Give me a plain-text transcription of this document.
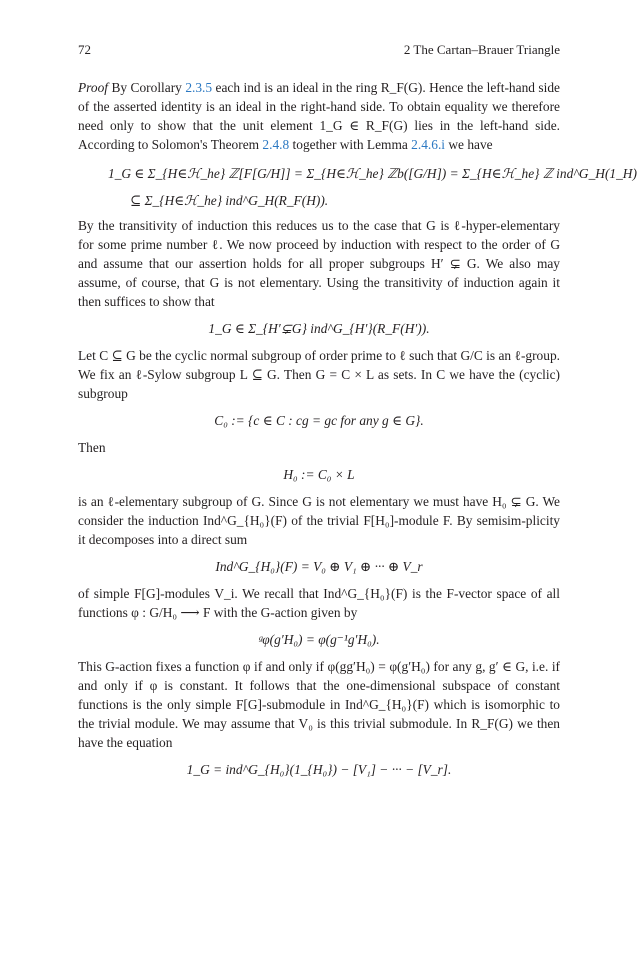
72	2 The Cartan–Brauer Triangle

Proof By Corollary 2.3.5 each ind is an ideal in the ring R_F(G). Hence the left-hand side of the asserted identity is an ideal in the right-hand side. To obtain equality we therefore need only to show that the unit element 1_G ∈ R_F(G) lies in the left-hand side. According to Solomon's Theorem 2.4.8 together with Lemma 2.4.6.i we have

1_G ∈ Σ_{H∈ℋ_he} ℤ[F[G/H]] = Σ_{H∈ℋ_he} ℤb([G/H]) = Σ_{H∈ℋ_he} ℤ ind^G_H(1_H)
⊆ Σ_{H∈ℋ_he} ind^G_H(R_F(H)).

By the transitivity of induction this reduces us to the case that G is ℓ-hyper-elementary for some prime number ℓ. We now proceed by induction with respect to the order of G and assume that our assertion holds for all proper subgroups H′ ⊊ G. We also may assume, of course, that G is not elementary. Using the transitivity of induction again it then suffices to show that

1_G ∈ Σ_{H′⊊G} ind^G_{H′}(R_F(H′)).

Let C ⊆ G be the cyclic normal subgroup of order prime to ℓ such that G/C is an ℓ-group. We fix an ℓ-Sylow subgroup L ⊆ G. Then G = C × L as sets. In C we have the (cyclic) subgroup

C₀ := {c ∈ C : cg = gc for any g ∈ G}.

Then

H₀ := C₀ × L

is an ℓ-elementary subgroup of G. Since G is not elementary we must have H₀ ⊊ G. We consider the induction Ind^G_{H₀}(F) of the trivial F[H₀]-module F. By semisim-plicity it decomposes into a direct sum

Ind^G_{H₀}(F) = V₀ ⊕ V₁ ⊕ ··· ⊕ V_r

of simple F[G]-modules V_i. We recall that Ind^G_{H₀}(F) is the F-vector space of all functions φ : G/H₀ ⟶ F with the G-action given by

ᵍφ(g′H₀) = φ(g⁻¹g′H₀).

This G-action fixes a function φ if and only if φ(gg′H₀) = φ(g′H₀) for any g, g′ ∈ G, i.e. if and only if φ is constant. It follows that the one-dimensional subspace of constant functions is the only simple F[G]-submodule in Ind^G_{H₀}(F) which is isomorphic to the trivial module. We may assume that V₀ is this trivial submodule. In R_F(G) we then have the equation

1_G = ind^G_{H₀}(1_{H₀}) − [V₁] − ··· − [V_r].
